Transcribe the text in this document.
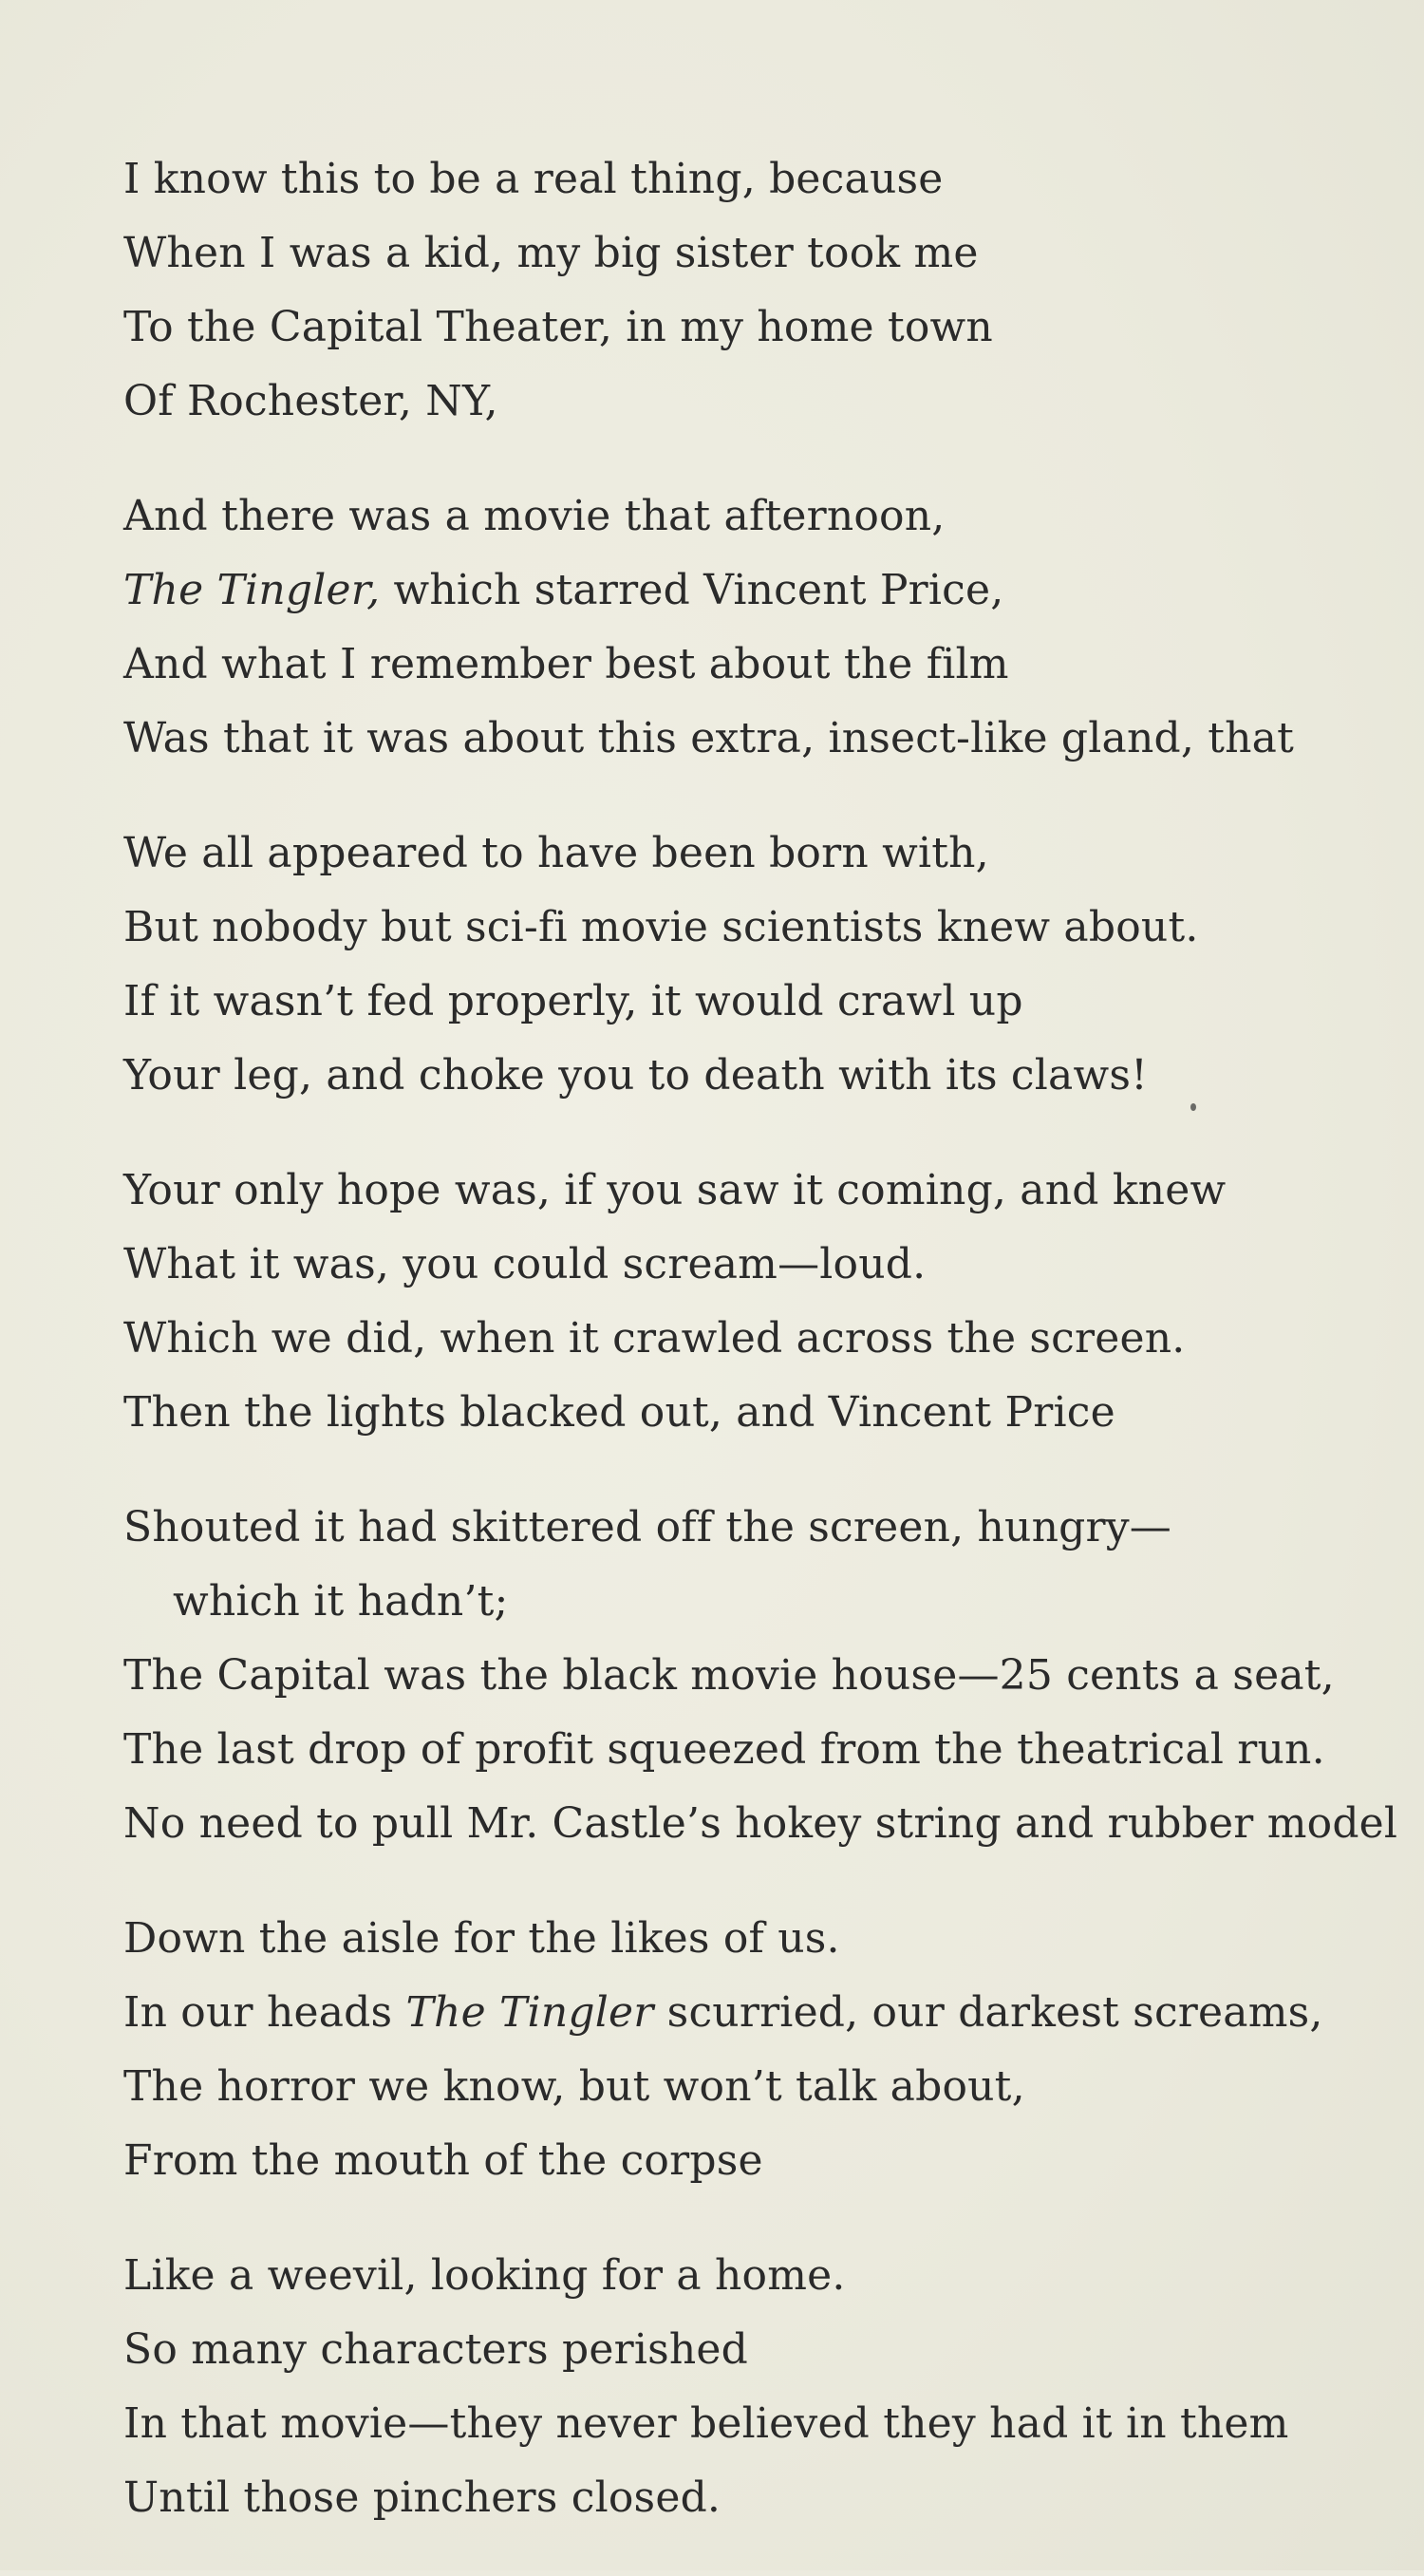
I know this to be a real thing, because
When I was a kid, my big sister took me
To the Capital Theater, in my home town
Of Rochester, NY,
And there was a movie that afternoon,
The Tingler, which starred Vincent Price,
And what I remember best about the film
Was that it was about this extra, insect-like gland, that
We all appeared to have been born with,
But nobody but sci-fi movie scientists knew about.
If it wasn’t fed properly, it would crawl up
Your leg, and choke you to death with its claws!
Your only hope was, if you saw it coming, and knew
What it was, you could scream—loud.
Which we did, when it crawled across the screen.
Then the lights blacked out, and Vincent Price
Shouted it had skittered off the screen, hungry—
which it hadn’t;
The Capital was the black movie house—25 cents a seat,
The last drop of profit squeezed from the theatrical run.
No need to pull Mr. Castle’s hokey string and rubber model
Down the aisle for the likes of us.
In our heads The Tingler scurried, our darkest screams,
The horror we know, but won’t talk about,
From the mouth of the corpse
Like a weevil, looking for a home.
So many characters perished
In that movie—they never believed they had it in them
Until those pinchers closed.
